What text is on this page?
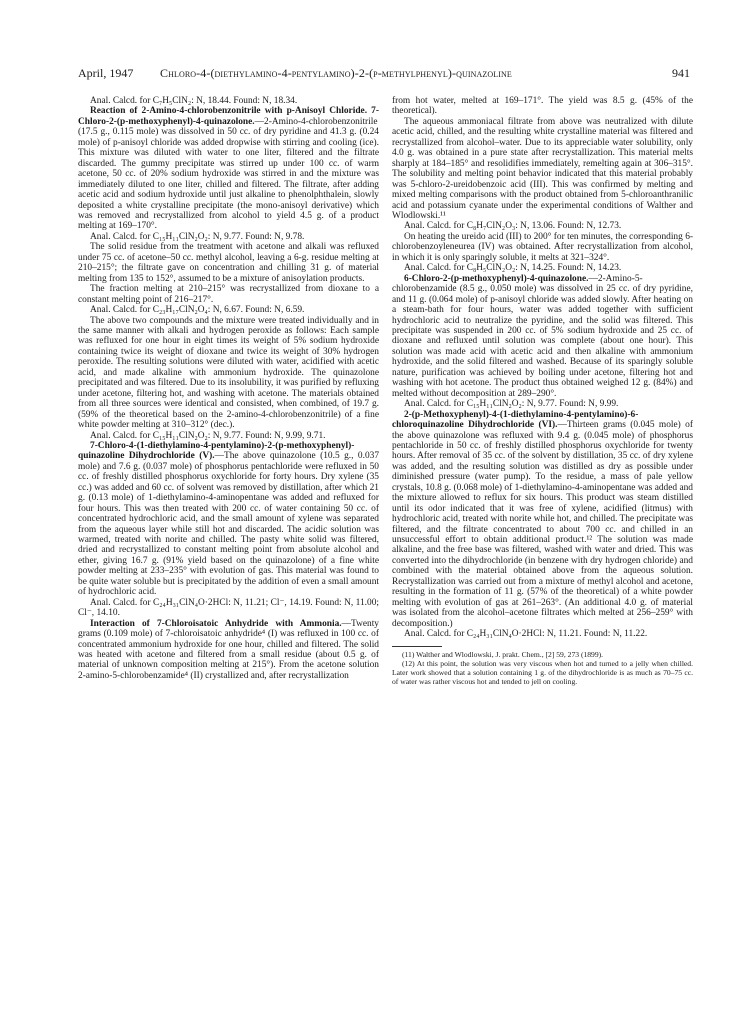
April, 1947 Chloro-4-(diethylamino-4-pentylamino)-2-(p-methylphenyl)-quinazoline	941

Anal. Calcd. for C₇H₅ClN₂: N, 18.44. Found: N, 18.34.

Reaction of 2-Amino-4-chlorobenzonitrile with p-Anisoyl Chloride. 7-Chloro-2-(p-methoxyphenyl)-4-quinazolone.—2-Amino-4-chlorobenzonitrile (17.5 g., 0.115 mole) was dissolved in 50 cc. of dry pyridine and 41.3 g. (0.24 mole) of p-anisoyl chloride was added dropwise with stirring and cooling (ice). This mixture was diluted with water to one liter, filtered and the filtrate discarded. The gummy precipitate was stirred up under 100 cc. of warm acetone, 50 cc. of 20% sodium hydroxide was stirred in and the mixture was immediately diluted to one liter, chilled and filtered. The filtrate, after adding acetic acid and sodium hydroxide until just alkaline to phenolphthalein, slowly deposited a white crystalline precipitate (the mono-anisoyl derivative) which was removed and recrystallized from alcohol to yield 4.5 g. of a product melting at 169–170°.

Anal. Calcd. for C₁₅H₁₁ClN₂O₂: N, 9.77. Found: N, 9.78.

The solid residue from the treatment with acetone and alkali was refluxed under 75 cc. of acetone–50 cc. methyl alcohol, leaving a 6-g. residue melting at 210–215°; the filtrate gave on concentration and chilling 31 g. of material melting from 135 to 152°, assumed to be a mixture of anisoylation products.

The fraction melting at 210–215° was recrystallized from dioxane to a constant melting point of 216–217°.

Anal. Calcd. for C₂₃H₁₇ClN₂O₄: N, 6.67. Found: N, 6.59.

The above two compounds and the mixture were treated individually and in the same manner with alkali and hydrogen peroxide as follows: Each sample was refluxed for one hour in eight times its weight of 5% sodium hydroxide containing twice its weight of dioxane and twice its weight of 30% hydrogen peroxide. The resulting solutions were diluted with water, acidified with acetic acid, and made alkaline with ammonium hydroxide. The quinazolone precipitated and was filtered. Due to its insolubility, it was purified by refluxing under acetone, filtering hot, and washing with acetone. The materials obtained from all three sources were identical and consisted, when combined, of 19.7 g. (59% of the theoretical based on the 2-amino-4-chlorobenzonitrile) of a fine white powder melting at 310–312° (dec.).

Anal. Calcd. for C₁₅H₁₁ClN₂O₂: N, 9.77. Found: N, 9.99, 9.71.

7-Chloro-4-(1-diethylamino-4-pentylamino)-2-(p-methoxyphenyl)-quinazoline Dihydrochloride (V).—The above quinazolone (10.5 g., 0.037 mole) and 7.6 g. (0.037 mole) of phosphorus pentachloride were refluxed in 50 cc. of freshly distilled phosphorus oxychloride for forty hours. Dry xylene (35 cc.) was added and 60 cc. of solvent was removed by distillation, after which 21 g. (0.13 mole) of 1-diethylamino-4-aminopentane was added and refluxed for four hours. This was then treated with 200 cc. of water containing 50 cc. of concentrated hydrochloric acid, and the small amount of xylene was separated from the aqueous layer while still hot and discarded. The acidic solution was warmed, treated with norite and chilled. The pasty white solid was filtered, dried and recrystallized to constant melting point from absolute alcohol and ether, giving 16.7 g. (91% yield based on the quinazolone) of a fine white powder melting at 233–235° with evolution of gas. This material was found to be quite water soluble but is precipitated by the addition of even a small amount of hydrochloric acid.

Anal. Calcd. for C₂₄H₃₁ClN₄O·2HCl: N, 11.21; Cl⁻, 14.19. Found: N, 11.00; Cl⁻, 14.10.

Interaction of 7-Chloroisatoic Anhydride with Ammonia.—Twenty grams (0.109 mole) of 7-chloroisatoic anhydride⁴ (I) was refluxed in 100 cc. of concentrated ammonium hydroxide for one hour, chilled and filtered. The solid was heated with acetone and filtered from a small residue (about 0.5 g. of material of unknown composition melting at 215°). From the acetone solution 2-amino-5-chlorobenzamide⁴ (II) crystallized and, after recrystallization

from hot water, melted at 169–171°. The yield was 8.5 g. (45% of the theoretical).

The aqueous ammoniacal filtrate from above was neutralized with dilute acetic acid, chilled, and the resulting white crystalline material was filtered and recrystallized from alcohol–water. Due to its appreciable water solubility, only 4.0 g. was obtained in a pure state after recrystallization. This material melts sharply at 184–185° and resolidifies immediately, remelting again at 306–315°. The solubility and melting point behavior indicated that this material probably was 5-chloro-2-ureidobenzoic acid (III). This was confirmed by melting and mixed melting comparisons with the product obtained from 5-chloroanthranilic acid and potassium cyanate under the experimental conditions of Walther and Wlodlowski.¹¹

Anal. Calcd. for C₈H₇ClN₂O₃: N, 13.06. Found: N, 12.73.

On heating the ureido acid (III) to 200° for ten minutes, the corresponding 6-chlorobenzoyleneurea (IV) was obtained. After recrystallization from alcohol, in which it is only sparingly soluble, it melts at 321–324°.

Anal. Calcd. for C₈H₅ClN₂O₂: N, 14.25. Found: N, 14.23.

6-Chloro-2-(p-methoxyphenyl)-4-quinazolone.—2-Amino-5-chlorobenzamide (8.5 g., 0.050 mole) was dissolved in 25 cc. of dry pyridine, and 11 g. (0.064 mole) of p-anisoyl chloride was added slowly. After heating on a steam-bath for four hours, water was added together with sufficient hydrochloric acid to neutralize the pyridine, and the solid was filtered. This precipitate was suspended in 200 cc. of 5% sodium hydroxide and 25 cc. of dioxane and refluxed until solution was complete (about one hour). This solution was made acid with acetic acid and then alkaline with ammonium hydroxide, and the solid filtered and washed. Because of its sparingly soluble nature, purification was achieved by boiling under acetone, filtering hot and washing with hot acetone. The product thus obtained weighed 12 g. (84%) and melted without decomposition at 289–290°.

Anal. Calcd. for C₁₅H₁₁ClN₂O₂: N, 9.77. Found: N, 9.99.

2-(p-Methoxyphenyl)-4-(1-diethylamino-4-pentylamino)-6-chloroquinazoline Dihydrochloride (VI).—Thirteen grams (0.045 mole) of the above quinazolone was refluxed with 9.4 g. (0.045 mole) of phosphorus pentachloride in 50 cc. of freshly distilled phosphorus oxychloride for twenty hours. After removal of 35 cc. of the solvent by distillation, 35 cc. of dry xylene was added, and the resulting solution was distilled as dry as possible under diminished pressure (water pump). To the residue, a mass of pale yellow crystals, 10.8 g. (0.068 mole) of 1-diethylamino-4-aminopentane was added and the mixture allowed to reflux for six hours. This product was steam distilled until its odor indicated that it was free of xylene, acidified (litmus) with hydrochloric acid, treated with norite while hot, and chilled. The precipitate was filtered, and the filtrate concentrated to about 700 cc. and chilled in an unsuccessful effort to obtain additional product.¹² The solution was made alkaline, and the free base was filtered, washed with water and dried. This was converted into the dihydrochloride (in benzene with dry hydrogen chloride) and combined with the material obtained above from the aqueous solution. Recrystallization was carried out from a mixture of methyl alcohol and acetone, resulting in the formation of 11 g. (57% of the theoretical) of a white powder melting with evolution of gas at 261–263°. (An additional 4.0 g. of material was isolated from the alcohol–acetone filtrates which melted at 256–259° with decomposition.)

Anal. Calcd. for C₂₄H₃₁ClN₄O·2HCl: N, 11.21. Found: N, 11.22.

(11) Walther and Wlodlowski, J. prakt. Chem., [2] 59, 273 (1899).

(12) At this point, the solution was very viscous when hot and turned to a jelly when chilled. Later work showed that a solution containing 1 g. of the dihydrochloride is as much as 70–75 cc. of water was rather viscous hot and tended to jell on cooling.
